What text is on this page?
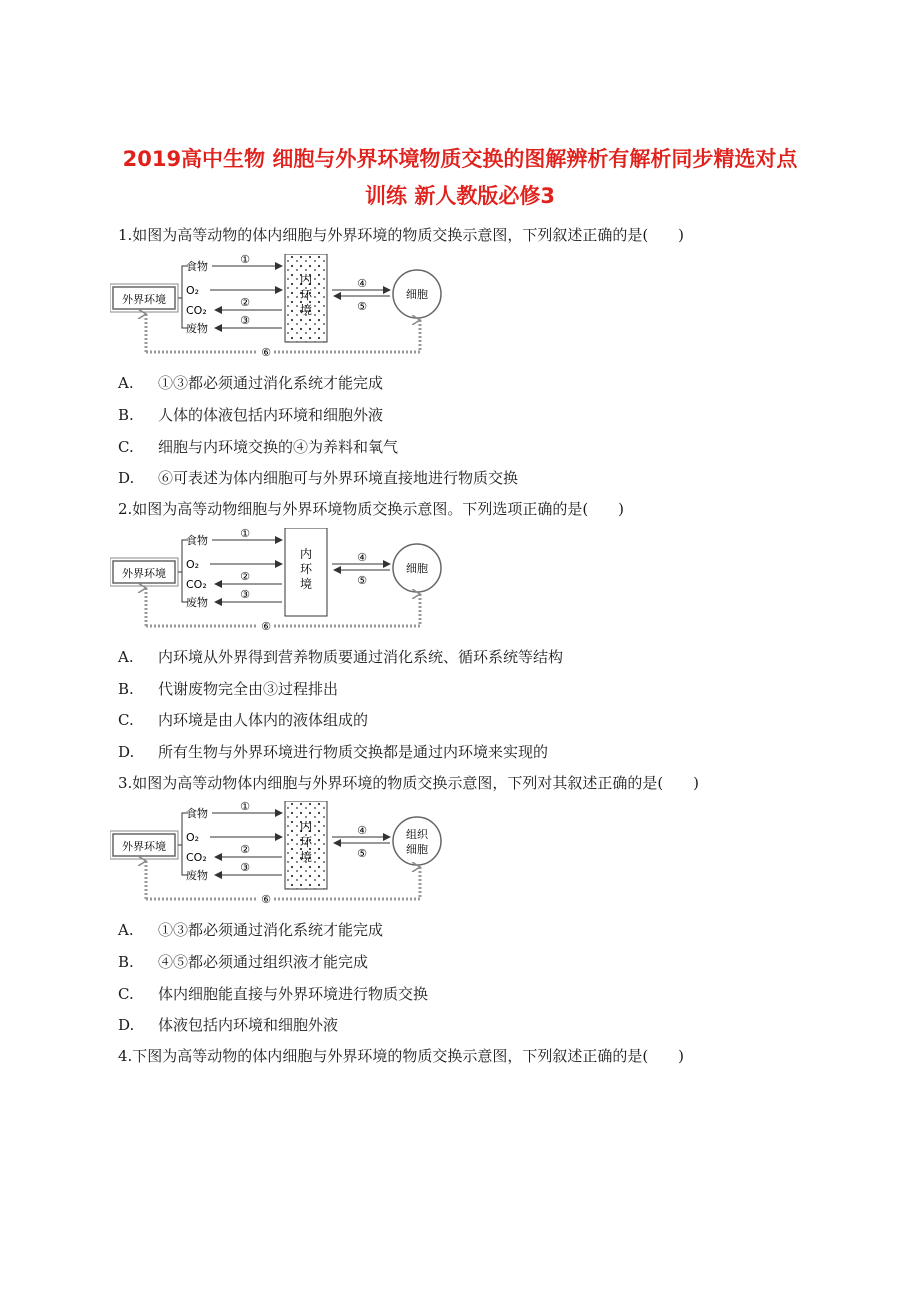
2019高中生物 细胞与外界环境物质交换的图解辨析有解析同步精选对点
训练 新人教版必修3
1.如图为高等动物的体内细胞与外界环境的物质交换示意图，下列叙述正确的是(　　)
外界环境
食物
O₂
CO₂
废物
①
②
③
内
环
境
④
⑤
细胞
⑥
A. ①③都必须通过消化系统才能完成
B. 人体的体液包括内环境和细胞外液
C. 细胞与内环境交换的④为养料和氧气
D. ⑥可表述为体内细胞可与外界环境直接地进行物质交换
2.如图为高等动物细胞与外界环境物质交换示意图。下列选项正确的是(　　)
外界环境
食物
O₂
CO₂
废物
①
②
③
内
环
境
④
⑤
细胞
⑥
A. 内环境从外界得到营养物质要通过消化系统、循环系统等结构
B. 代谢废物完全由③过程排出
C. 内环境是由人体内的液体组成的
D. 所有生物与外界环境进行物质交换都是通过内环境来实现的
3.如图为高等动物体内细胞与外界环境的物质交换示意图，下列对其叙述正确的是(　　)
外界环境
食物
O₂
CO₂
废物
①
②
③
内
环
境
④
⑤
组织
细胞
⑥
A. ①③都必须通过消化系统才能完成
B. ④⑤都必须通过组织液才能完成
C. 体内细胞能直接与外界环境进行物质交换
D. 体液包括内环境和细胞外液
4.下图为高等动物的体内细胞与外界环境的物质交换示意图，下列叙述正确的是(　　)
